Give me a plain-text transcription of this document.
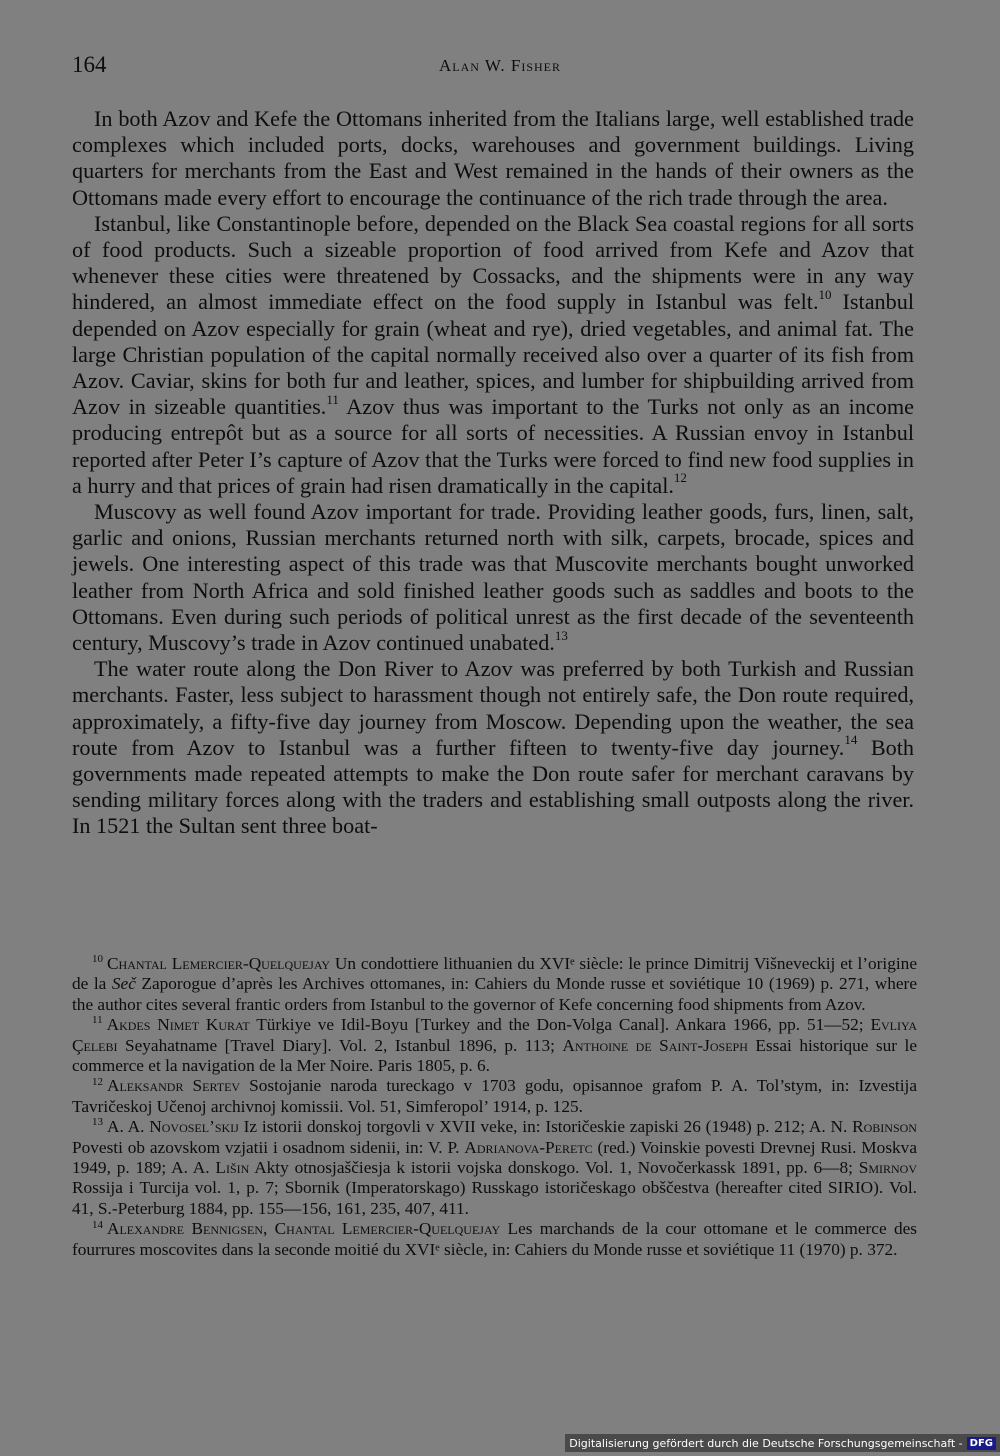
164	Alan W. Fisher

In both Azov and Kefe the Ottomans inherited from the Italians large, well established trade complexes which included ports, docks, warehouses and government buildings. Living quarters for merchants from the East and West remained in the hands of their owners as the Ottomans made every effort to encourage the continuance of the rich trade through the area.

Istanbul, like Constantinople before, depended on the Black Sea coastal regions for all sorts of food products. Such a sizeable proportion of food arrived from Kefe and Azov that whenever these cities were threatened by Cossacks, and the shipments were in any way hindered, an almost immediate effect on the food supply in Istanbul was felt.$^{10}$ Istanbul depended on Azov especially for grain (wheat and rye), dried vegetables, and animal fat. The large Christian population of the capital normally received also over a quarter of its fish from Azov. Caviar, skins for both fur and leather, spices, and lumber for shipbuilding arrived from Azov in sizeable quantities.$^{11}$ Azov thus was important to the Turks not only as an income producing entrepôt but as a source for all sorts of necessities. A Russian envoy in Istanbul reported after Peter I’s capture of Azov that the Turks were forced to find new food supplies in a hurry and that prices of grain had risen dramatically in the capital.$^{12}$

Muscovy as well found Azov important for trade. Providing leather goods, furs, linen, salt, garlic and onions, Russian merchants returned north with silk, carpets, brocade, spices and jewels. One interesting aspect of this trade was that Muscovite merchants bought unworked leather from North Africa and sold finished leather goods such as saddles and boots to the Ottomans. Even during such periods of political unrest as the first decade of the seventeenth century, Muscovy’s trade in Azov continued unabated.$^{13}$

The water route along the Don River to Azov was preferred by both Turkish and Russian merchants. Faster, less subject to harassment though not entirely safe, the Don route required, approximately, a fifty-five day journey from Moscow. Depending upon the weather, the sea route from Azov to Istanbul was a further fifteen to twenty-five day journey.$^{14}$ Both governments made repeated attempts to make the Don route safer for merchant caravans by sending military forces along with the traders and establishing small outposts along the river. In 1521 the Sultan sent three boat-

$^{10}$ Chantal Lemercier-Quelquejay Un condottiere lithuanien du XVIᵉ siècle: le prince Dimitrij Višneveckij et l’origine de la Seč Zaporogue d’après les Archives ottomanes, in: Cahiers du Monde russe et soviétique 10 (1969) p. 271, where the author cites several frantic orders from Istanbul to the governor of Kefe concerning food shipments from Azov.

$^{11}$ Akdes Nimet Kurat Türkiye ve Idil-Boyu [Turkey and the Don-Volga Canal]. Ankara 1966, pp. 51—52; Evliya Çelebi Seyahatname [Travel Diary]. Vol. 2, Istanbul 1896, p. 113; Anthoine de Saint-Joseph Essai historique sur le commerce et la navigation de la Mer Noire. Paris 1805, p. 6.

$^{12}$ Aleksandr Sertev Sostojanie naroda tureckago v 1703 godu, opisannoe grafom P. A. Tol’stym, in: Izvestija Tavričeskoj Učenoj archivnoj komissii. Vol. 51, Simferopol’ 1914, p. 125.

$^{13}$ A. A. Novosel’skij Iz istorii donskoj torgovli v XVII veke, in: Istoričeskie zapiski 26 (1948) p. 212; A. N. Robinson Povesti ob azovskom vzjatii i osadnom sidenii, in: V. P. Adrianova-Peretc (red.) Voinskie povesti Drevnej Rusi. Moskva 1949, p. 189; A. A. Lišin Akty otnosjaščiesja k istorii vojska donskogo. Vol. 1, Novočerkassk 1891, pp. 6—8; Smirnov Rossija i Turcija vol. 1, p. 7; Sbornik (Imperatorskago) Russkago istoričeskago obščestva (hereafter cited SIRIO). Vol. 41, S.-Peterburg 1884, pp. 155—156, 161, 235, 407, 411.

$^{14}$ Alexandre Bennigsen, Chantal Lemercier-Quelquejay Les marchands de la cour ottomane et le commerce des fourrures moscovites dans la seconde moitié du XVIᵉ siècle, in: Cahiers du Monde russe et soviétique 11 (1970) p. 372.

Digitalisierung gefördert durch die Deutsche Forschungsgemeinschaft - DFG
